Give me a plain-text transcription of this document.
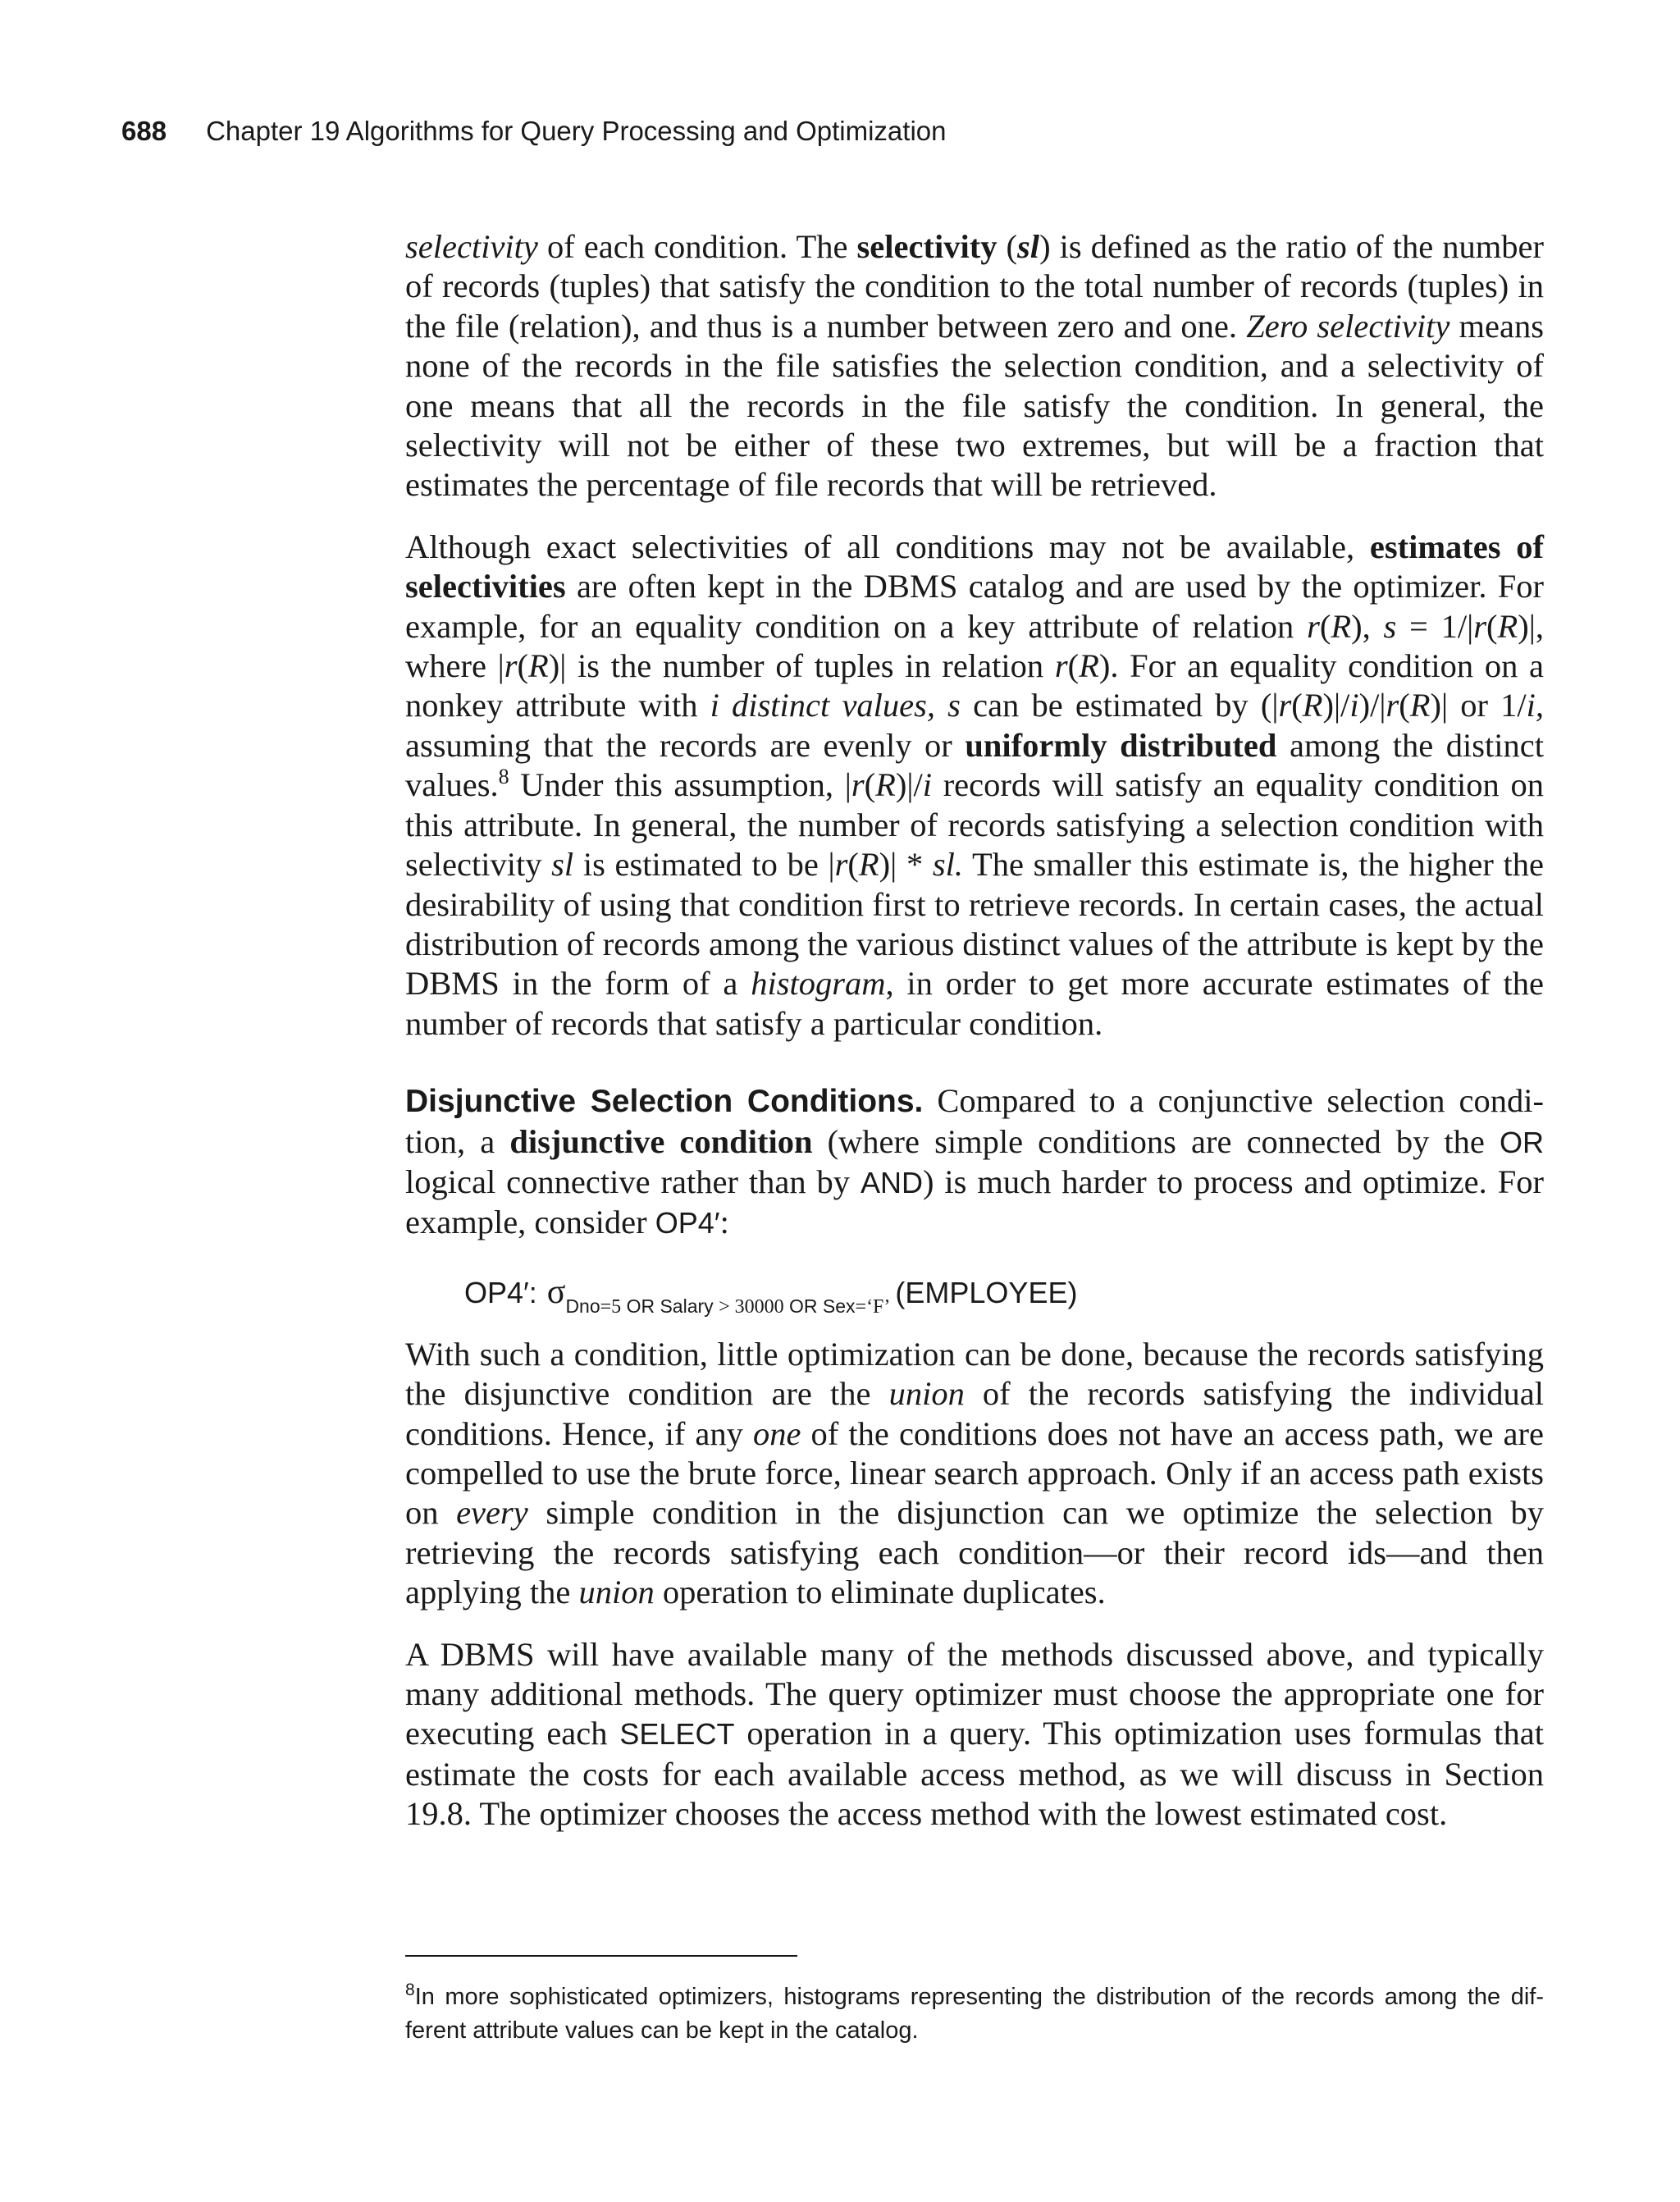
688 Chapter 19 Algorithms for Query Processing and Optimization

selectivity of each condition. The selectivity (sl) is defined as the ratio of the number of records (tuples) that satisfy the condition to the total number of records (tuples) in the file (relation), and thus is a number between zero and one. Zero selectivity means none of the records in the file satisfies the selection condition, and a selectivity of one means that all the records in the file satisfy the condition. In general, the selectivity will not be either of these two extremes, but will be a fraction that estimates the percentage of file records that will be retrieved.

Although exact selectivities of all conditions may not be available, estimates of selectivities are often kept in the DBMS catalog and are used by the optimizer. For example, for an equality condition on a key attribute of relation r(R), s = 1/|r(R)|, where |r(R)| is the number of tuples in relation r(R). For an equality condition on a nonkey attribute with i distinct values, s can be estimated by (|r(R)|/i)/|r(R)| or 1/i, assuming that the records are evenly or uniformly distributed among the distinct values.$^8$ Under this assumption, |r(R)|/i records will satisfy an equality condition on this attribute. In general, the number of records satisfying a selection condition with selectivity sl is estimated to be |r(R)| * sl. The smaller this estimate is, the higher the desirability of using that condition first to retrieve records. In certain cases, the actual distribution of records among the various distinct values of the attribute is kept by the DBMS in the form of a histogram, in order to get more accurate estimates of the number of records that satisfy a particular condition.

Disjunctive Selection Conditions. Compared to a conjunctive selection condition, a disjunctive condition (where simple conditions are connected by the OR logical connective rather than by AND) is much harder to process and optimize. For example, consider OP4′:

OP4′: $\sigma_{Dno=5 OR Salary > 30000 OR Sex=‘F’}$ (EMPLOYEE)

With such a condition, little optimization can be done, because the records satisfying the disjunctive condition are the union of the records satisfying the individual conditions. Hence, if any one of the conditions does not have an access path, we are compelled to use the brute force, linear search approach. Only if an access path exists on every simple condition in the disjunction can we optimize the selection by retrieving the records satisfying each condition—or their record ids—and then applying the union operation to eliminate duplicates.

A DBMS will have available many of the methods discussed above, and typically many additional methods. The query optimizer must choose the appropriate one for executing each SELECT operation in a query. This optimization uses formulas that estimate the costs for each available access method, as we will discuss in Section 19.8. The optimizer chooses the access method with the lowest estimated cost.

$^8$In more sophisticated optimizers, histograms representing the distribution of the records among the different attribute values can be kept in the catalog.
